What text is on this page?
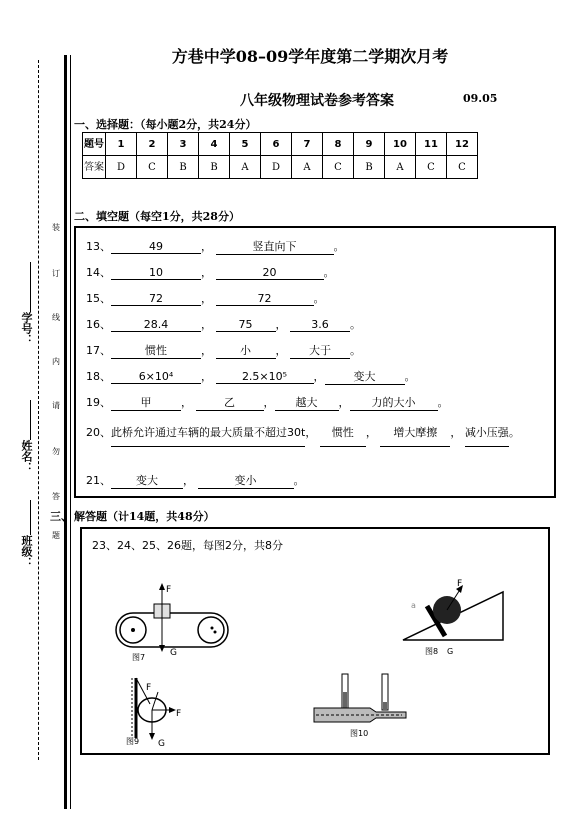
学号：
姓名：
班级：
装
订
线
内
请
勿
答
题
方巷中学08–09学年度第二学期次月考
八年级物理试卷参考答案	09.05
一、选择题：（每小题2分，共24分）
题号	1	2	3	4	5	6	7	8	9	10	11	12
答案	D	C	B	B	A	D	A	C	B	A	C	C
二、填空题（每空1分，共28分）
13、	49	，	竖直向下	。
14、	10	，	20	。
15、	72	，	72	。
16、	28.4	， 75 ， 3.6 。
17、	惯性	， 小 ， 大于 。
18、	6×10⁴	， 2.5×10⁵ ，	变大	。
19、	甲	，	乙	， 越大 ， 力的大小 。
20、此桥允许通过车辆的最大质量不超过30t， 惯性 ， 增大摩擦 ， 减小压强。
21、 变大 ，	变小	。
三、 解答题（计14题，共48分）
23、24、25、26题，每图2分，共8分
F
G
图7
F
a
图8 G
F
F
G
图9
图10
